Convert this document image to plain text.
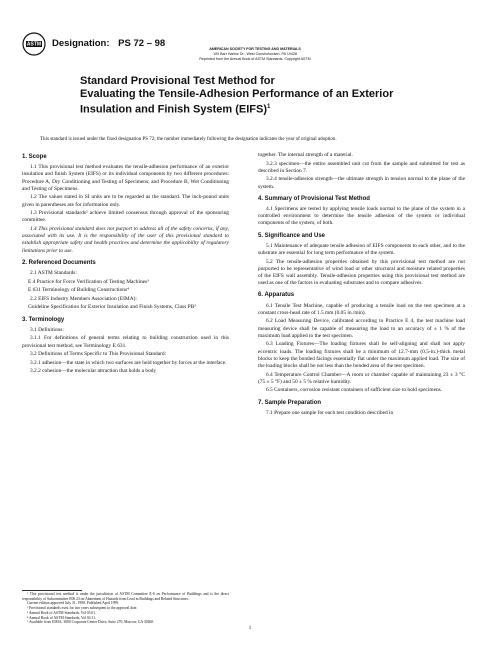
ASTM Designation: PS 72 – 98	AMERICAN SOCIETY FOR TESTING AND MATERIALS
100 Barr Harbor Dr., West Conshohocken, PA 19428
Reprinted from the Annual Book of ASTM Standards. Copyright ASTM
Standard Provisional Test Method for
Evaluating the Tensile-Adhesion Performance of an Exterior
Insulation and Finish System (EIFS)$^1$
This standard is issued under the fixed designation PS 72; the number immediately following the designation indicates the year of original adoption.
1. Scope

1.1 This provisional test method evaluates the tensile-adhesion performance of an exterior insulation and finish System (EIFS) or its individual components by two different procedures: Procedure A, Dry Conditioning and Testing of Specimens; and Procedure B, Wet Conditioning and Testing of Specimens.

1.2 The values stated in SI units are to be regarded as the standard. The inch-pound units given in parentheses are for information only.

1.3 Provisional standards² achieve limited consensus through approval of the sponsoring committee.

1.4 This provisional standard does not purport to address all of the safety concerns, if any, associated with its use. It is the responsibility of the user of this provisional standard to establish appropriate safety and health practices and determine the applicability of regulatory limitations prior to use.

2. Referenced Documents

2.1 ASTM Standards:

E 4 Practice for Force Verification of Testing Machines³

E 631 Terminology of Building Constructions⁴

2.2 EIFS Industry Members Association (EIMA):

Guideline Specification for Exterior Insulation and Finish Systems, Class PB⁵

3. Terminology

3.1 Definitions:

3.1.1 For definitions of general terms relating to building construction used in this provisional test method, see Terminology E 631.

3.2 Definitions of Terms Specific to This Provisional Standard:

3.2.1 adhesion—the state in which two surfaces are held together by forces at the interface.

3.2.2 cohesion—the molecular attraction that holds a body

¹ This provisional test method is under the jurisdiction of ASTM Committee E-6 on Performance of Buildings and is the direct responsibility of Subcommittee E06.23 on Abatement of Hazards from Lead in Buildings and Related Structures.

Current edition approved July 31, 1998. Published April 1999.

² Provisional standards exist for two years subsequent to the approval date.

³ Annual Book of ASTM Standards, Vol 03.01.

⁴ Annual Book of ASTM Standards, Vol 04.11.

⁵ Available from EIMA, 3000 Corporate Center Drive, Suite 270, Morrow, GA 30260.

together. The internal strength of a material.

3.2.3 specimen—the entire assembled unit cut from the sample and submitted for test as described in Section 7.

3.2.4 tensile-adhesion strength—the ultimate strength in tension normal to the plane of the system.

4. Summary of Provisional Test Method

4.1 Specimens are tested by applying tensile loads normal to the plane of the system in a controlled environment to determine the tensile adhesion of the system or individual components of the system, of both.

5. Significance and Use

5.1 Maintenance of adequate tensile adhesion of EIFS components to each other, and to the substrate are essential for long term performance of the system.

5.2 The tensile-adhesion properties obtained by this provisional test method are not purported to be representative of wind load or other structural and moisture related properties of the EIFS wall assembly. Tensile-adhesion properties using this provisional test method are used as one of the factors in evaluating substrates and to compare adhesives.

6. Apparatus

6.1 Tensile Test Machine, capable of producing a tensile load on the test specimen at a constant cross-head rate of 1.5 mm (0.05 in./min).

6.2 Load Measuring Device, calibrated according to Practice E 4, the test machine load measuring device shall be capable of measuring the load to an accuracy of ± 1 % of the maximum load applied to the test specimen.

6.3 Loading Fixtures—The loading fixtures shall be self-aligning and shall not apply eccentric loads. The loading fixtures shall be a minimum of 12.7-mm (0.5-in.)-thick metal blocks to keep the bonded facings essentially flat under the maximum applied load. The size of the loading blocks shall be not less than the bonded area of the test specimen.

6.4 Temperature Control Chamber—A room or chamber capable of maintaining 23 ± 3 °C (75 ± 5 °F) and 50 ± 5 % relative humidity.

6.5 Containers, corrosion resistant containers of sufficient size to hold specimens.

7. Sample Preparation

7.1 Prepare one sample for each test condition described in

1
